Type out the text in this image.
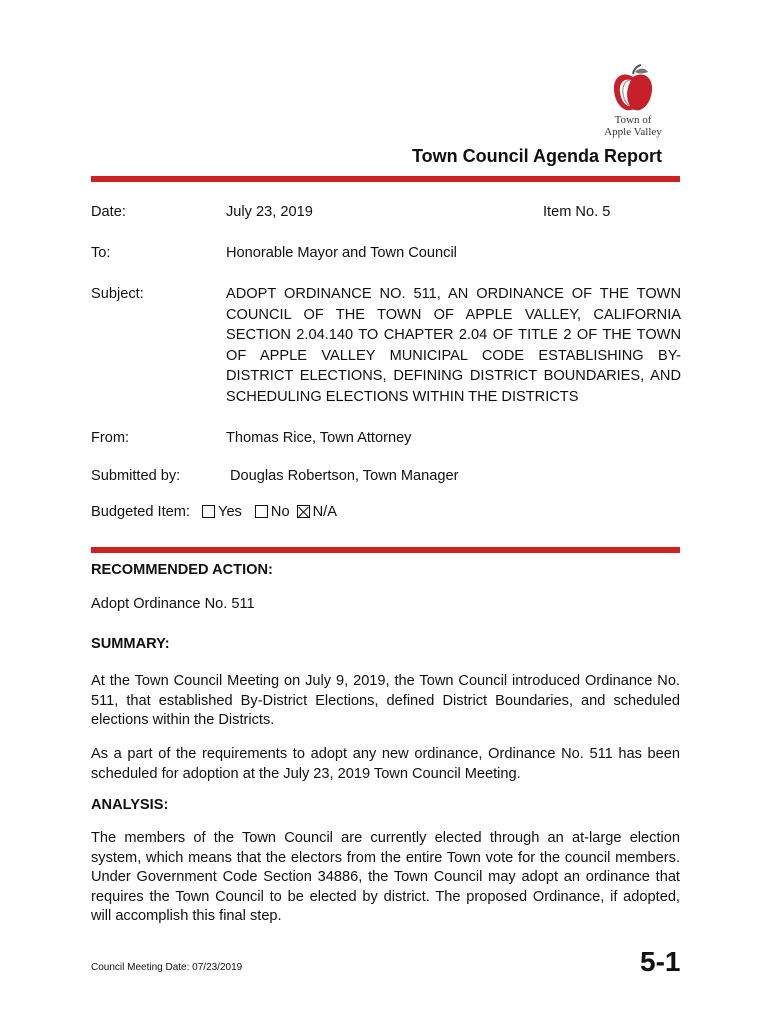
Town of
Apple Valley
Town Council Agenda Report
Date:	July 23, 2019	Item No. 5
To:	Honorable Mayor and Town Council
Subject:	ADOPT ORDINANCE NO. 511, AN ORDINANCE OF THE TOWN
COUNCIL OF THE TOWN OF APPLE VALLEY, CALIFORNIA
SECTION 2.04.140 TO CHAPTER 2.04 OF TITLE 2 OF THE TOWN
OF APPLE VALLEY MUNICIPAL CODE ESTABLISHING BY-
DISTRICT ELECTIONS, DEFINING DISTRICT BOUNDARIES, AND
SCHEDULING ELECTIONS WITHIN THE DISTRICTS
From:	Thomas Rice, Town Attorney
Submitted by:	Douglas Robertson, Town Manager
Budgeted Item: Yes No N/A
RECOMMENDED ACTION:
Adopt Ordinance No. 511
SUMMARY:
At the Town Council Meeting on July 9, 2019, the Town Council introduced Ordinance No. 511, that established By-District Elections, defined District Boundaries, and scheduled elections within the Districts.
As a part of the requirements to adopt any new ordinance, Ordinance No. 511 has been scheduled for adoption at the July 23, 2019 Town Council Meeting.
ANALYSIS:
The members of the Town Council are currently elected through an at-large election system, which means that the electors from the entire Town vote for the council members. Under Government Code Section 34886, the Town Council may adopt an ordinance that requires the Town Council to be elected by district. The proposed Ordinance, if adopted, will accomplish this final step.
Council Meeting Date: 07/23/2019	5-1
